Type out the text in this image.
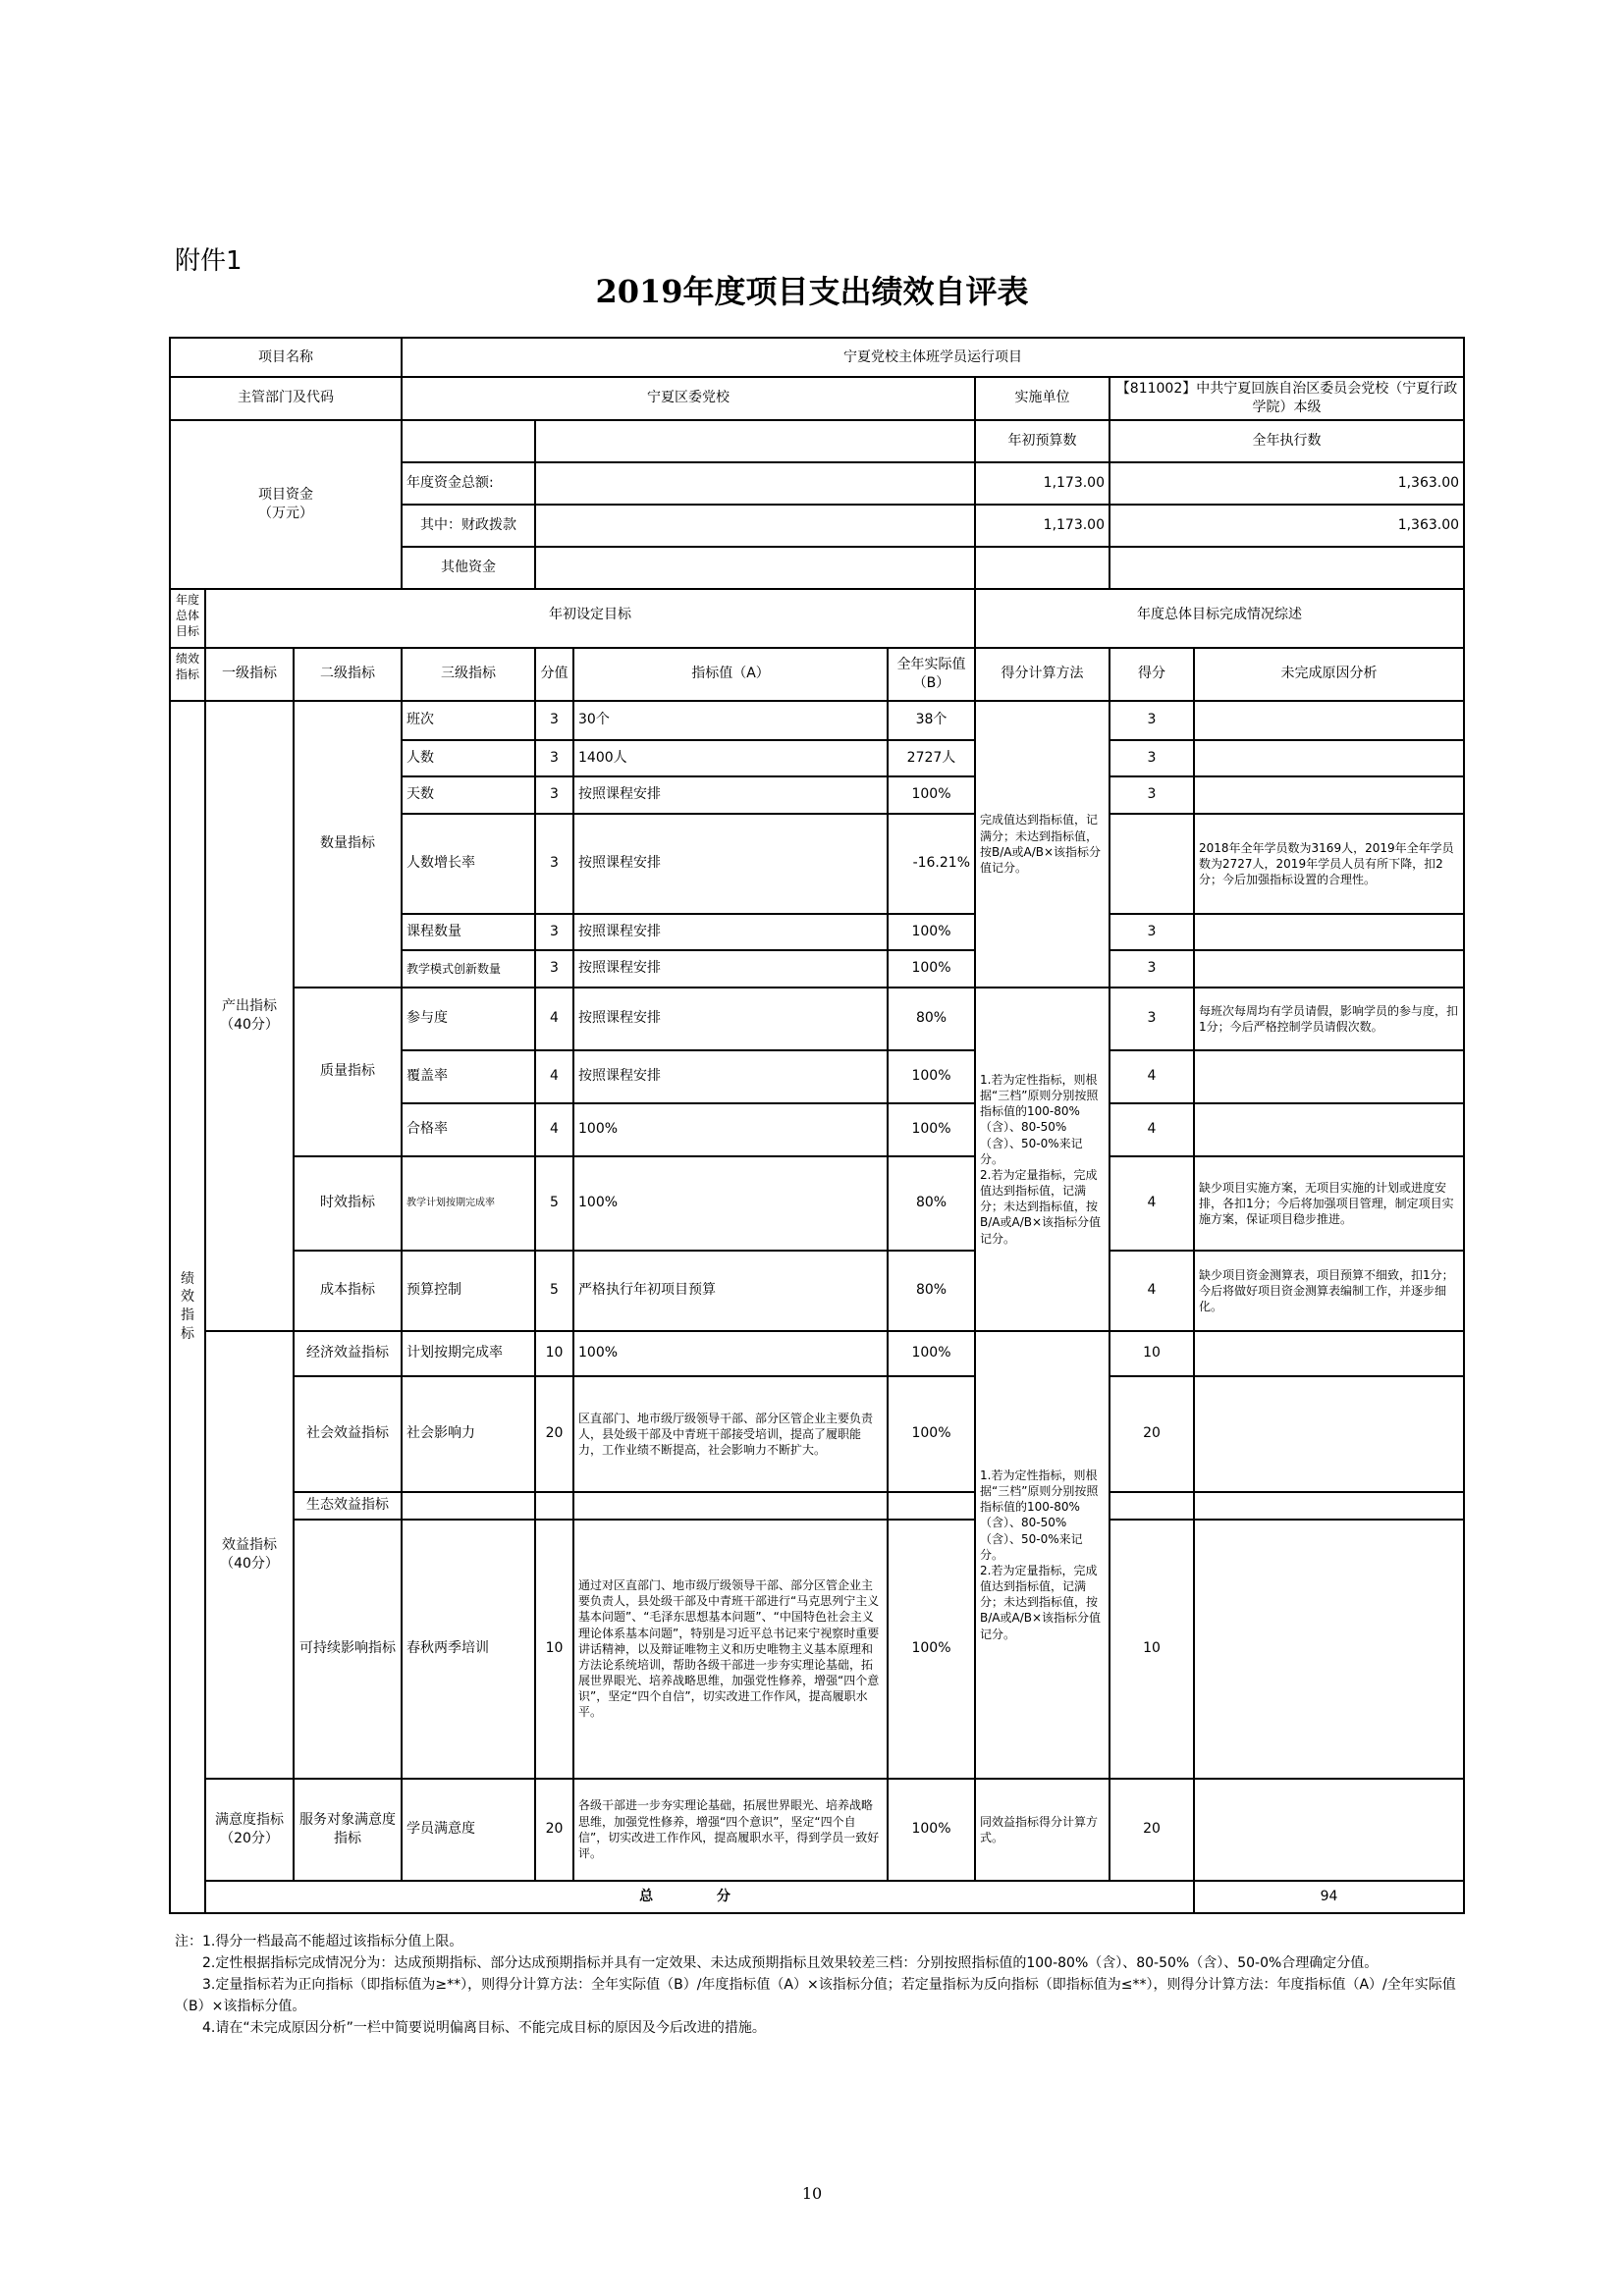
附件1
2019年度项目支出绩效自评表
项目名称			宁夏党校主体班学员运行项目						
主管部门及代码			宁夏区委党校				实施单位	【811002】中共宁夏回族自治区委员会党校（宁夏行政学院）本级	
项目资金
（万元）							年初预算数	全年执行数	
			年度资金总额:				1,173.00	1,363.00	
			其中：财政拨款				1,173.00	1,363.00	
			其他资金						
年度总体目标	年初设定目标						年度总体目标完成情况综述		
绩效指标	一级指标	二级指标	三级指标	分值	指标值（A）	全年实际值（B）	得分计算方法	得分	未完成原因分析
绩效指标	产出指标（40分）	数量指标	班次	3	30个	38个	完成值达到指标值，记满分；未达到指标值，按B/A或A/B×该指标分值记分。	3	
			人数	3	1400人	2727人		3	
			天数	3	按照课程安排	100%		3	
			人数增长率	3	按照课程安排	-16.21%			2018年全年学员数为3169人，2019年全年学员数为2727人，2019年学员人员有所下降，扣2分；今后加强指标设置的合理性。
			课程数量	3	按照课程安排	100%		3	
			教学模式创新数量	3	按照课程安排	100%		3	
		质量指标	参与度	4	按照课程安排	80%	1.若为定性指标，则根据“三档”原则分别按照指标值的100-80%（含）、80-50%（含）、50-0%来记分。
2.若为定量指标，完成值达到指标值，记满分；未达到指标值，按B/A或A/B×该指标分值记分。	3	每班次每周均有学员请假，影响学员的参与度，扣1分；今后严格控制学员请假次数。
			覆盖率	4	按照课程安排	100%		4	
			合格率	4	100%	100%		4	
		时效指标	教学计划按期完成率	5	100%	80%		4	缺少项目实施方案，无项目实施的计划或进度安排，各扣1分；今后将加强项目管理，制定项目实施方案，保证项目稳步推进。
		成本指标	预算控制	5	严格执行年初项目预算	80%		4	缺少项目资金测算表，项目预算不细致，扣1分；今后将做好项目资金测算表编制工作，并逐步细化。
	效益指标（40分）	经济效益指标	计划按期完成率	10	100%	100%	1.若为定性指标，则根据“三档”原则分别按照指标值的100-80%（含）、80-50%（含）、50-0%来记分。
2.若为定量指标，完成值达到指标值，记满分；未达到指标值，按B/A或A/B×该指标分值记分。	10	
		社会效益指标	社会影响力	20	区直部门、地市级厅级领导干部、部分区管企业主要负责人，县处级干部及中青班干部接受培训，提高了履职能力，工作业绩不断提高，社会影响力不断扩大。	100%		20	
		生态效益指标							
		可持续影响指标	春秋两季培训	10	通过对区直部门、地市级厅级领导干部、部分区管企业主要负责人，县处级干部及中青班干部进行“马克思列宁主义基本问题”、“毛泽东思想基本问题”、“中国特色社会主义理论体系基本问题”，特别是习近平总书记来宁视察时重要讲话精神，以及辩证唯物主义和历史唯物主义基本原理和方法论系统培训，帮助各级干部进一步夯实理论基础，拓展世界眼光、培养战略思维，加强党性修养，增强“四个意识”，坚定“四个自信”，切实改进工作作风，提高履职水平。	100%		10	
	满意度指标（20分）	服务对象满意度指标	学员满意度	20	各级干部进一步夯实理论基础，拓展世界眼光、培养战略思维，加强党性修养，增强“四个意识”，坚定“四个自信”，切实改进工作作风，提高履职水平，得到学员一致好评。	100%	同效益指标得分计算方式。	20	
	总 分								94
注：1.得分一档最高不能超过该指标分值上限。
2.定性根据指标完成情况分为：达成预期指标、部分达成预期指标并具有一定效果、未达成预期指标且效果较差三档：分别按照指标值的100-80%（含）、80-50%（含）、50-0%合理确定分值。
3.定量指标若为正向指标（即指标值为≥**），则得分计算方法：全年实际值（B）/年度指标值（A）×该指标分值；若定量指标为反向指标（即指标值为≤**），则得分计算方法：年度指标值（A）/全年实际值（B）×该指标分值。
4.请在“未完成原因分析”一栏中简要说明偏离目标、不能完成目标的原因及今后改进的措施。
10
